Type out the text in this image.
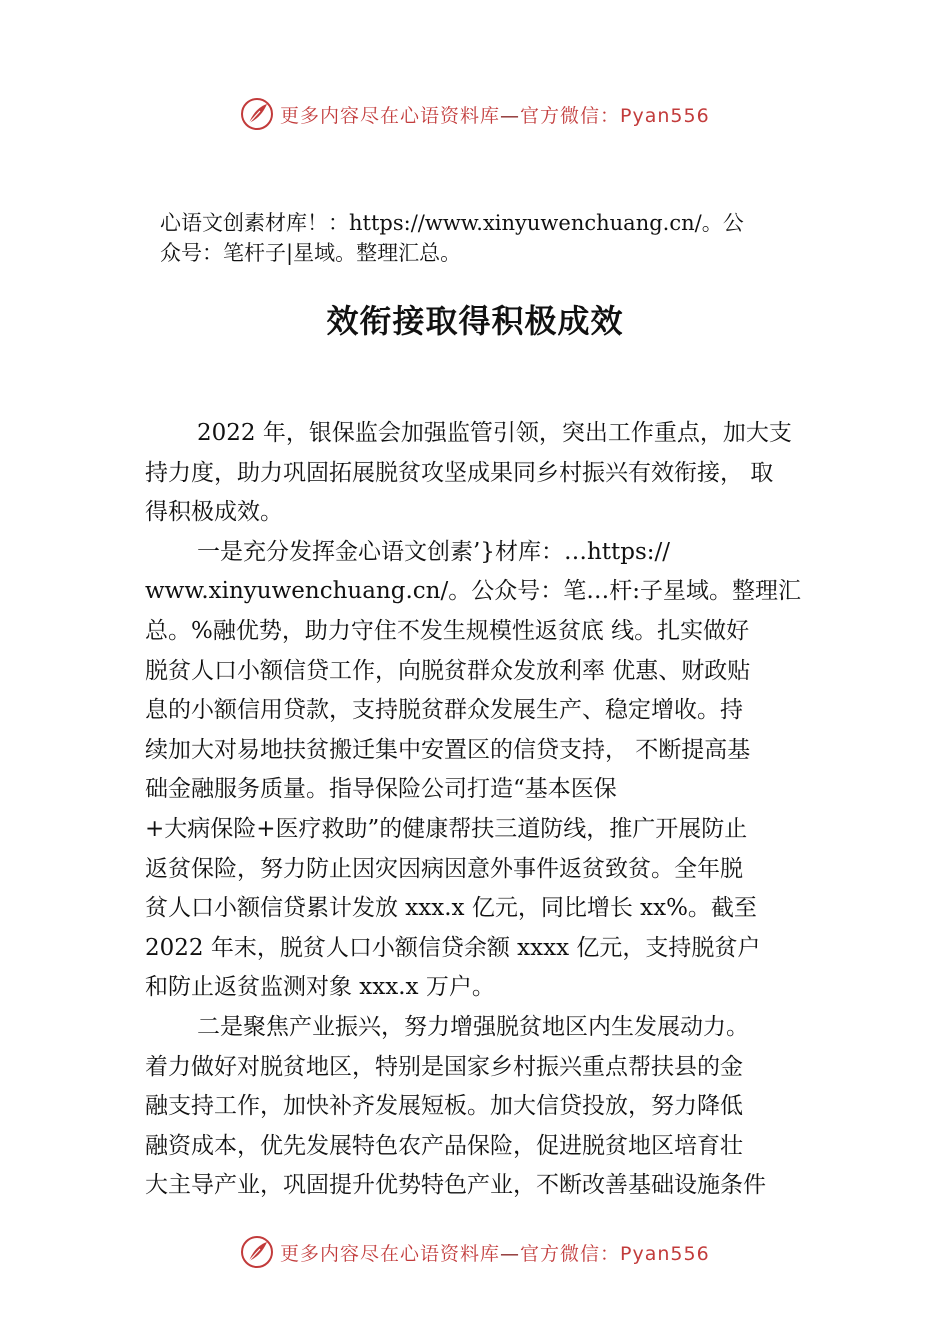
更多内容尽在心语资料库—官方微信：Pyan556
心语文创素材库！：https://www.xinyuwenchuang.cn/。公
众号：笔杆子|星域。整理汇总。
效衔接取得积极成效
2022 年，银保监会加强监管引领，突出工作重点，加大支
持力度，助力巩固拓展脱贫攻坚成果同乡村振兴有效衔接， 取
得积极成效。
一是充分发挥金心语文创素’}材库：…https://
www.xinyuwenchuang.cn/。公众号：笔…杆:子星域。整理汇
总。%融优势，助力守住不发生规模性返贫底 线。扎实做好
脱贫人口小额信贷工作，向脱贫群众发放利率 优惠、财政贴
息的小额信用贷款，支持脱贫群众发展生产、稳定增收。持
续加大对易地扶贫搬迁集中安置区的信贷支持， 不断提高基
础金融服务质量。指导保险公司打造“基本医保
+大病保险+医疗救助”的健康帮扶三道防线，推广开展防止
返贫保险，努力防止因灾因病因意外事件返贫致贫。全年脱
贫人口小额信贷累计发放 xxx.x 亿元，同比增长 xx%。截至
2022 年末，脱贫人口小额信贷余额 xxxx 亿元，支持脱贫户
和防止返贫监测对象 xxx.x 万户。
二是聚焦产业振兴，努力增强脱贫地区内生发展动力。
着力做好对脱贫地区，特别是国家乡村振兴重点帮扶县的金
融支持工作，加快补齐发展短板。加大信贷投放，努力降低
融资成本，优先发展特色农产品保险，促进脱贫地区培育壮
大主导产业，巩固提升优势特色产业，不断改善基础设施条件
更多内容尽在心语资料库—官方微信：Pyan556
